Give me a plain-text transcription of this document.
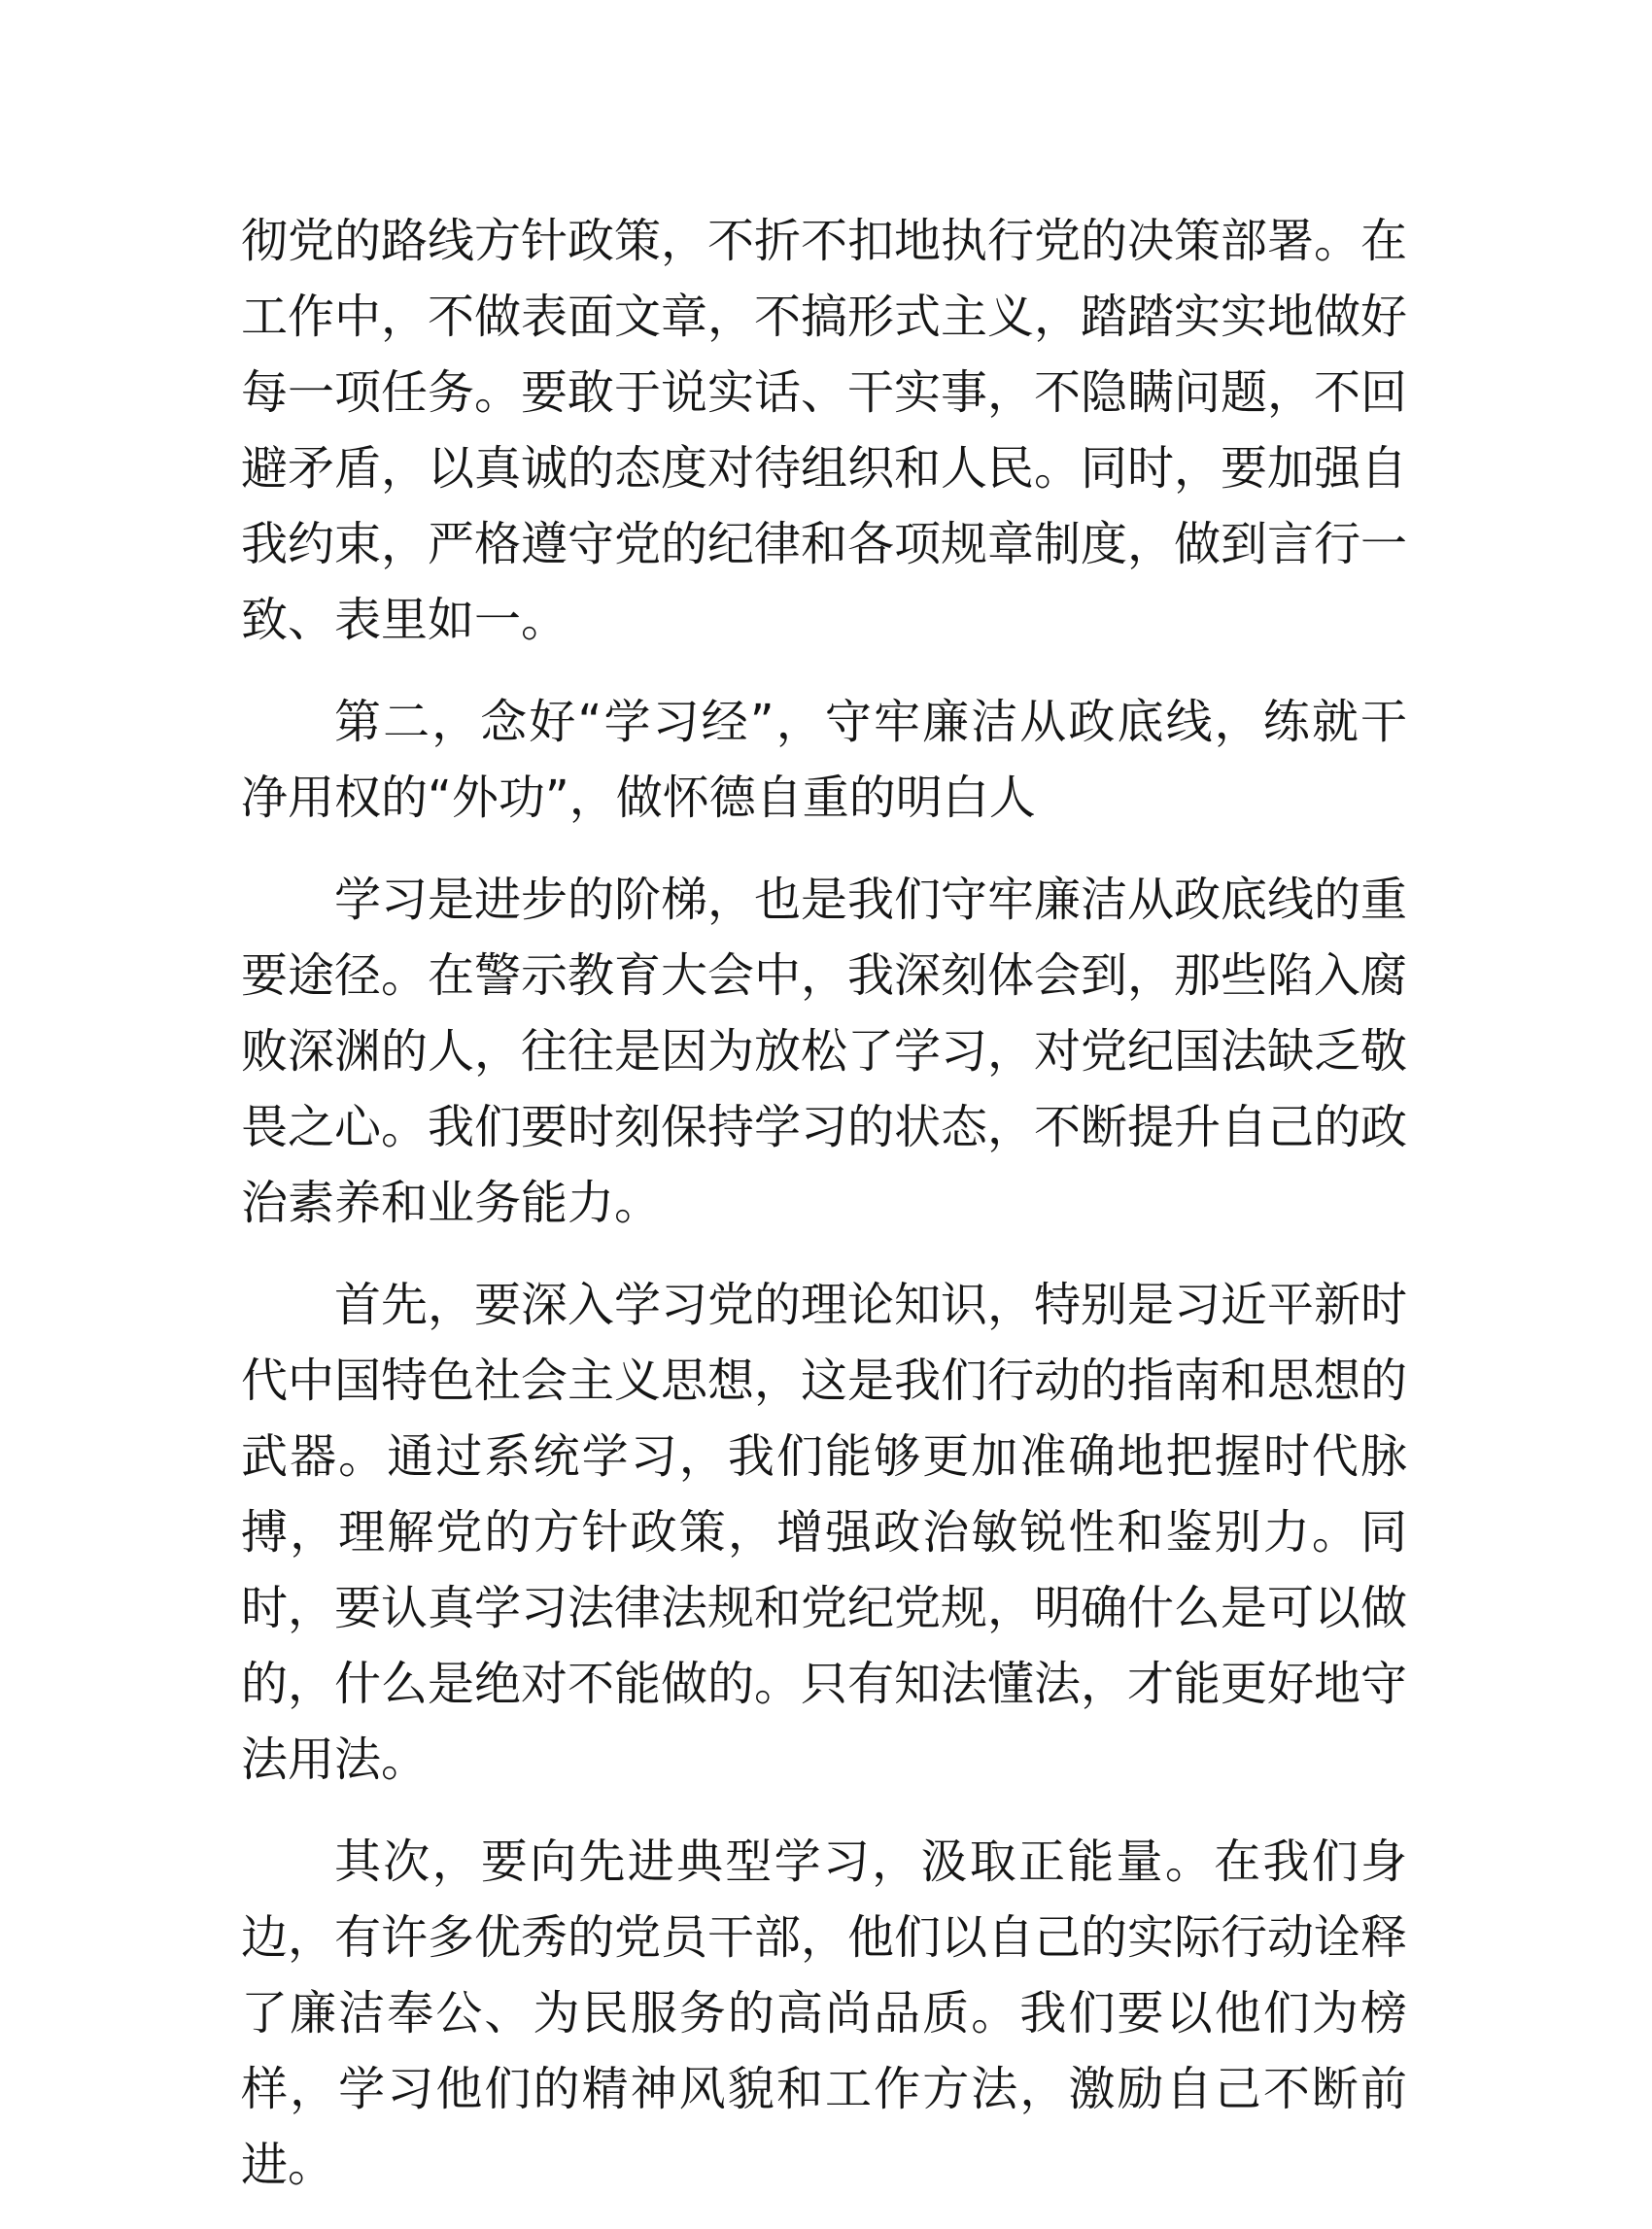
彻党的路线方针政策，不折不扣地执行党的决策部署。在工作中，不做表面文章，不搞形式主义，踏踏实实地做好每一项任务。要敢于说实话、干实事，不隐瞒问题，不回避矛盾，以真诚的态度对待组织和人民。同时，要加强自我约束，严格遵守党的纪律和各项规章制度，做到言行一致、表里如一。

第二，念好“学习经”，守牢廉洁从政底线，练就干净用权的“外功”，做怀德自重的明白人

学习是进步的阶梯，也是我们守牢廉洁从政底线的重要途径。在警示教育大会中，我深刻体会到，那些陷入腐败深渊的人，往往是因为放松了学习，对党纪国法缺乏敬畏之心。我们要时刻保持学习的状态，不断提升自己的政治素养和业务能力。

首先，要深入学习党的理论知识，特别是习近平新时代中国特色社会主义思想，这是我们行动的指南和思想的武器。通过系统学习，我们能够更加准确地把握时代脉搏，理解党的方针政策，增强政治敏锐性和鉴别力。同时，要认真学习法律法规和党纪党规，明确什么是可以做的，什么是绝对不能做的。只有知法懂法，才能更好地守法用法。

其次，要向先进典型学习，汲取正能量。在我们身边，有许多优秀的党员干部，他们以自己的实际行动诠释了廉洁奉公、为民服务的高尚品质。我们要以他们为榜样，学习他们的精神风貌和工作方法，激励自己不断前进。
